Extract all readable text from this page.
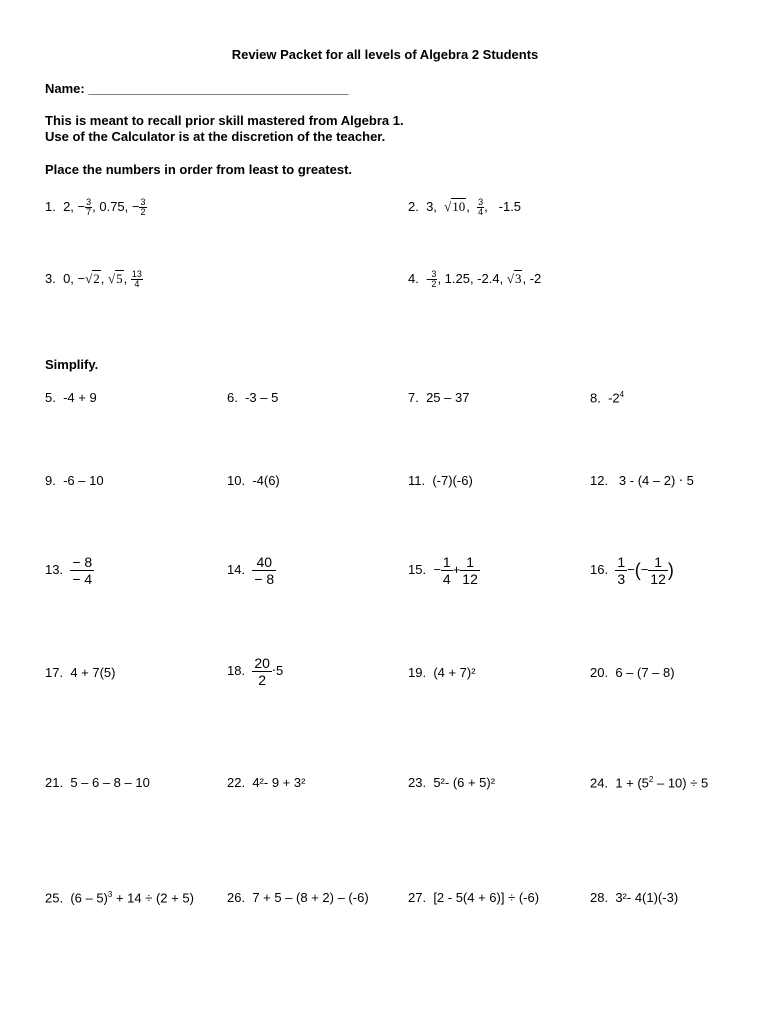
Review Packet for all levels of Algebra 2 Students
Name: ____________________________________
This is meant to recall prior skill mastered from Algebra 1.
Use of the Calculator is at the discretion of the teacher.
Place the numbers in order from least to greatest.
1. 2, − $\frac{3}{7}$ , 0.75, − $\frac{3}{2}$	2. 3, √10, $\frac{3}{4}$ , -1.5
3. 0, −√2, √5, $\frac{13}{4}$	4. - $\frac{3}{2}$ , 1.25, -2.4, √3, -2
Simplify.
5. -4 + 9	6. -3 – 5	7. 25 – 37	8. $-2^4$
9. -6 – 10	10. -4(6)	11. (-7)(-6)	12. 3 - (4 – 2) ⋅ 5
13. $\frac{- 8}{- 4}$	14. $\frac{40}{- 8}$	15. − $\frac{1}{4} + \frac{1}{12}$	16. $\frac{1}{3}$ −(− $\frac{1}{12}$ )
17. 4 + 7(5)	18. $\frac{20}{2} \cdot 5$	19. (4 + 7)²	20. 6 – (7 – 8)
21. 5 – 6 – 8 – 10	22. 4²- 9 + 3²	23. 5²- (6 + 5)²	24. $1 + (5^2 - 10) \div 5$
25. (6 – 5)$^3$ + 14 ÷ (2 + 5)	26. 7 + 5 – (8 + 2) – (-6)	27. [2 - 5(4 + 6)] ÷ (-6)	28. 3²- 4(1)(-3)
